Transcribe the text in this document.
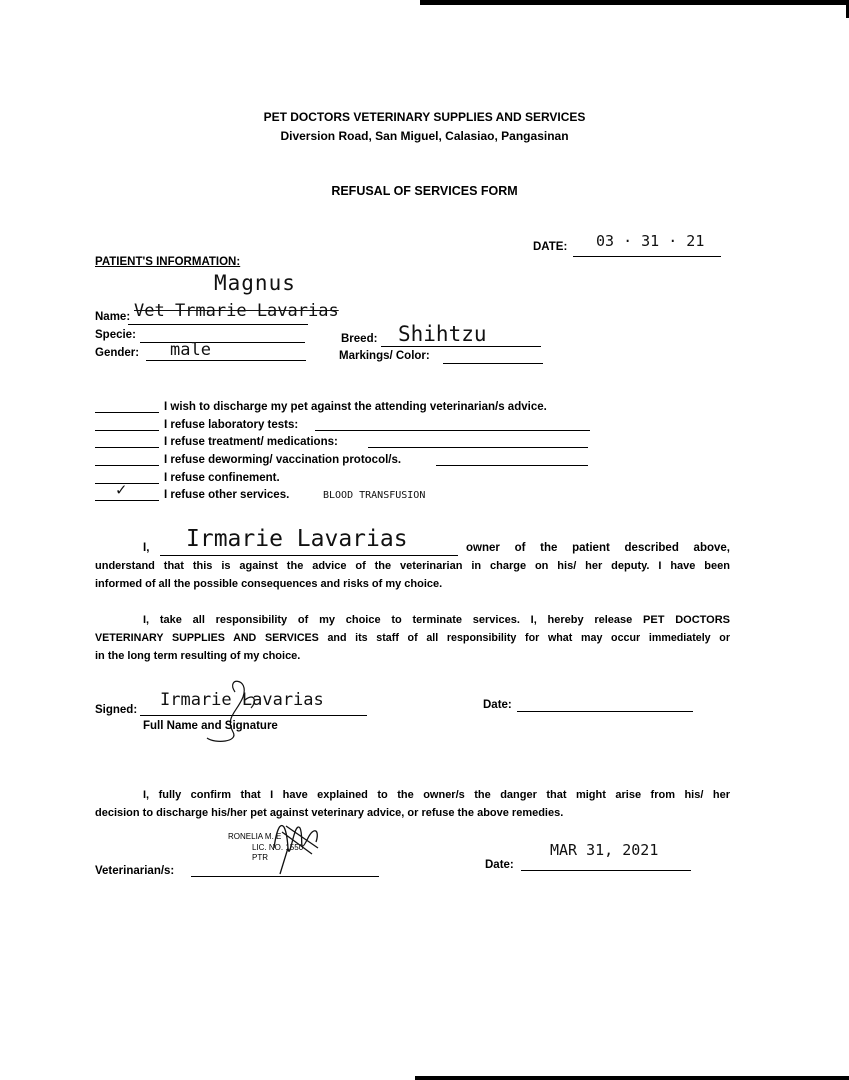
PET DOCTORS VETERINARY SUPPLIES AND SERVICES
Diversion Road, San Miguel, Calasiao, Pangasinan
REFUSAL OF SERVICES FORM
DATE: 03 · 31 · 21
PATIENT'S INFORMATION:
Magnus
Name: Vet Trmarie Lavarias
Specie:
Gender: male
Breed: Shihtzu
Markings/ Color:
I wish to discharge my pet against the attending veterinarian/s advice.
I refuse laboratory tests:
I refuse treatment/ medications:
I refuse deworming/ vaccination protocol/s.
I refuse confinement.
✓	I refuse other services.	BLOOD TRANSFUSION
I, Irmarie Lavarias	owner of the patient described above,
understand that this is against the advice of the veterinarian in charge on his/ her deputy. I have been
informed of all the possible consequences and risks of my choice.
I, take all responsibility of my choice to terminate services. I, hereby release PET DOCTORS
VETERINARY SUPPLIES AND SERVICES and its staff of all responsibility for what may occur immediately or
in the long term resulting of my choice.
Signed: Irmarie Lavarias
Full Name and Signature
Date:
I, fully confirm that I have explained to the owner/s the danger that might arise from his/ her
decision to discharge his/her pet against veterinary advice, or refuse the above remedies.
RONELIA M. E
LIC. NO. 1550
PTR
Veterinarian/s:	Date:
MAR 31, 2021
